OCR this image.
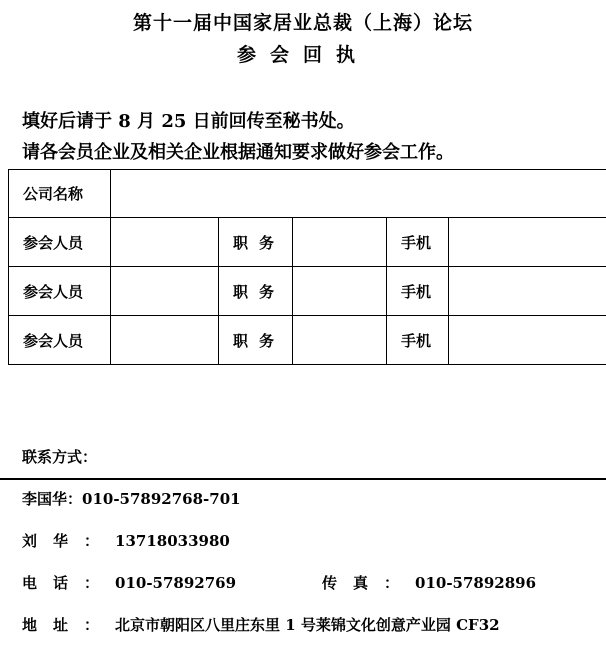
第十一届中国家居业总裁（上海）论坛
参会回执
填好后请于 8 月 25 日前回传至秘书处。
请各会员企业及相关企业根据通知要求做好参会工作。
公司名称					
参会人员		职务		手机	
参会人员		职务		手机	
参会人员		职务		手机	
联系方式：
李国华：010-57892768-701
刘华：13718033980
电话：010-57892769	传真：010-57892896
地址：北京市朝阳区八里庄东里 1 号莱锦文化创意产业园 CF32
